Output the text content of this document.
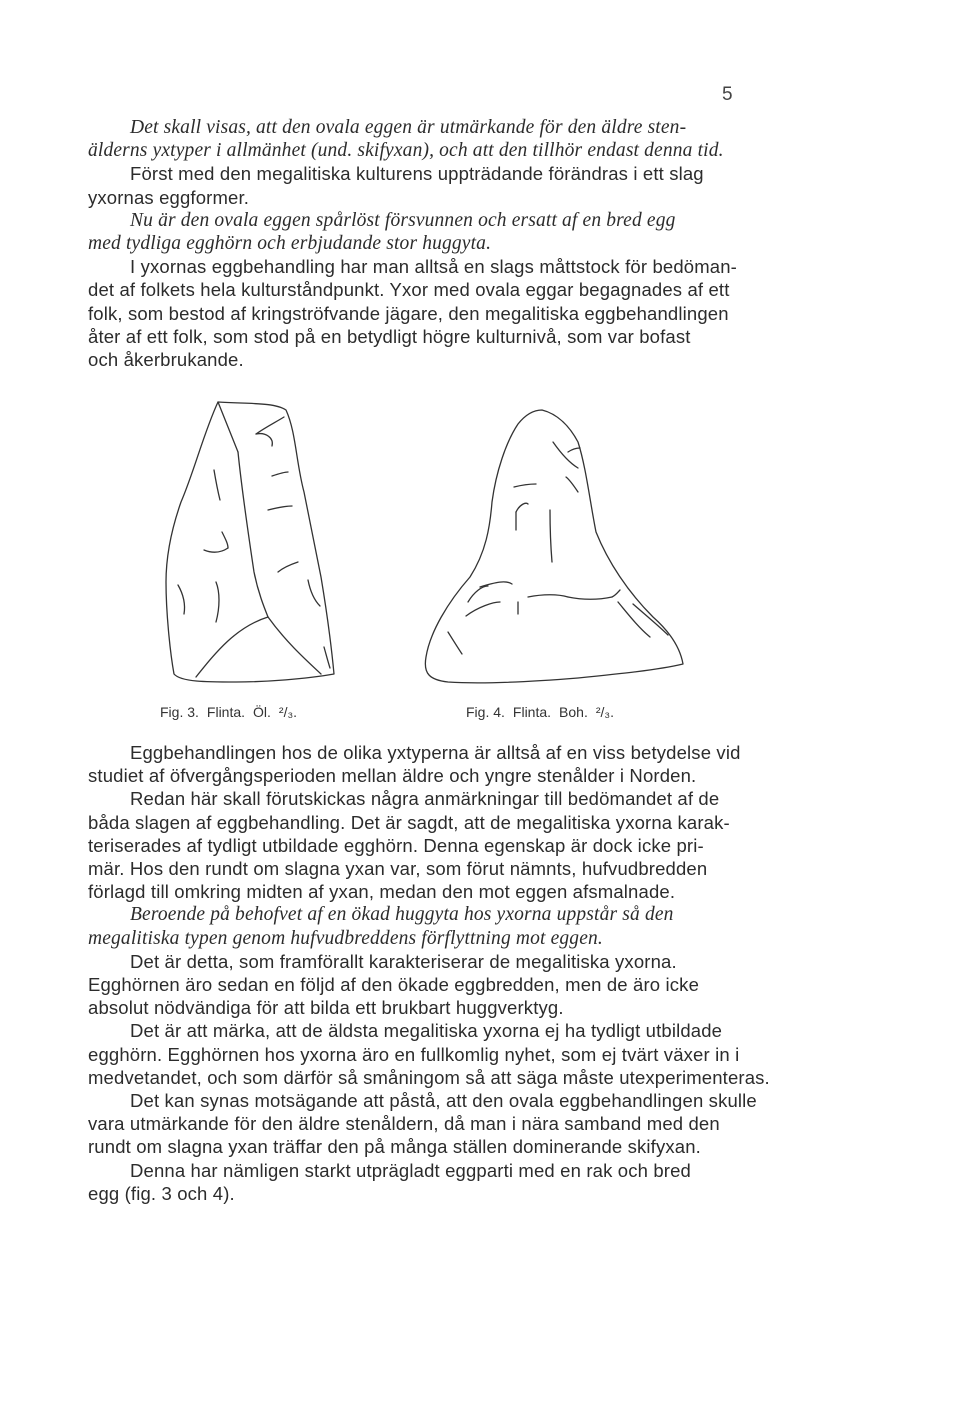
5
Det skall visas, att den ovala eggen är utmärkande för den äldre sten-
älderns yxtyper i allmänhet (und. skifyxan), och att den tillhör endast denna tid.
Först med den megalitiska kulturens uppträdande förändras i ett slag
yxornas eggformer.
Nu är den ovala eggen spårlöst försvunnen och ersatt af en bred egg
med tydliga egghörn och erbjudande stor huggyta.
I yxornas eggbehandling har man alltså en slags måttstock för bedöman-
det af folkets hela kulturståndpunkt. Yxor med ovala eggar begagnades af ett
folk, som bestod af kringströfvande jägare, den megalitiska eggbehandlingen
åter af ett folk, som stod på en betydligt högre kulturnivå, som var bofast
och åkerbrukande.
Fig. 3. Flinta. Öl. ²/₃.	Fig. 4. Flinta. Boh. ²/₃.
Eggbehandlingen hos de olika yxtyperna är alltså af en viss betydelse vid
studiet af öfvergångsperioden mellan äldre och yngre stenålder i Norden.
Redan här skall förutskickas några anmärkningar till bedömandet af de
båda slagen af eggbehandling. Det är sagdt, att de megalitiska yxorna karak-
teriserades af tydligt utbildade egghörn. Denna egenskap är dock icke pri-
mär. Hos den rundt om slagna yxan var, som förut nämnts, hufvudbredden
förlagd till omkring midten af yxan, medan den mot eggen afsmalnade.
Beroende på behofvet af en ökad huggyta hos yxorna uppstår så den
megalitiska typen genom hufvudbreddens förflyttning mot eggen.
Det är detta, som framförallt karakteriserar de megalitiska yxorna.
Egghörnen äro sedan en följd af den ökade eggbredden, men de äro icke
absolut nödvändiga för att bilda ett brukbart huggverktyg.
Det är att märka, att de äldsta megalitiska yxorna ej ha tydligt utbildade
egghörn. Egghörnen hos yxorna äro en fullkomlig nyhet, som ej tvärt växer in i
medvetandet, och som därför så småningom så att säga måste utexperimenteras.
Det kan synas motsägande att påstå, att den ovala eggbehandlingen skulle
vara utmärkande för den äldre stenåldern, då man i nära samband med den
rundt om slagna yxan träffar den på många ställen dominerande skifyxan.
Denna har nämligen starkt utprägladt eggparti med en rak och bred
egg (fig. 3 och 4).
